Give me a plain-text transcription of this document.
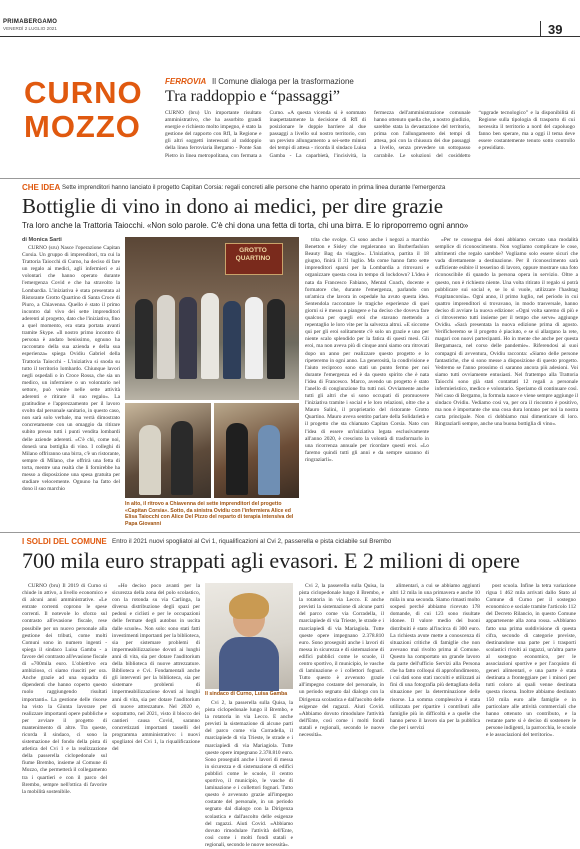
PRIMABERGAMO
VENERDÌ 2 LUGLIO 2021	39
CURNO
MOZZO
FERROVIA Il Comune dialoga per la trasformazione
Tra raddoppio e “passaggi”
CURNO (bru) Un importante risultato amministrativo, che ha assorbito grandi energie e richiesto molto impegno, è stato la gestione del rapporto con RfI, la Regione e gli altri soggetti interessati al raddoppio della linea ferroviaria Bergamo - Ponte San Pietro in linea metropolitana, con fermata a Curno. «A questa vicenda si è sommato inaspettatamente la decisione di RfI di posizionare le doppie barriere al due passaggi a livello sul nostro territorio, con un previsto allungamento a sei-sette minuti dei tempi di attesa - ricorda il sindaco Luisa Gamba - La caparbietà, l'incisività, la fermezza dell'amministrazione comunale hanno ottenuto quella che, a nostro giudizio, sarebbe stata la devastazione del territorio, prima con l'allungamento dei tempi di attesa, poi con la chiusura dei due passaggi a livello, senza prevedere un sottopasso carrabile. Le soluzioni del cosiddetto “upgrade tecnologico” e la disponibilità di Regione sulla tipologia di trasporto di cui necessita il territorio a nord del capoluogo fanno ben sperare, ma a oggi il tema deve essere costantemente tenuto sotto controllo e presidiato.
CHE IDEA Sette imprenditori hanno lanciato il progetto Capitan Corsia: regali concreti alle persone che hanno operato in prima linea durante l'emergenza
Bottiglie di vino in dono ai medici, per dire grazie
Tra loro anche la Trattoria Taiocchi. «Non solo parole. C'è chi dona una fetta di torta, chi una birra. E lo riproporremo ogni anno»
di Monica Sarti

CURNO (sru) Nasce l'operazione Capitan Corsia. Un gruppo di imprenditori, tra cui la Trattoria Taiocchi di Curno, ha deciso di fare un regalo ai medici, agli infermieri e ai volontari che hanno operato durante l'emergenza Covid e che ha stravolto la Lombardia. L'iniziativa è stata presentata al Ristorante Grotto Quartino di Santa Croce di Piuro, a Chiavenna. Quello è stato il primo incontro dal vivo dei sette imprenditori aderenti al progetto, dato che l'iniziativa, fino a quel momento, era stata portata avanti tramite Skype. «Il nostro primo incontro di persona è andato benissimo, ognuno ha raccontato della sua azienda e della sua esperienza» spiega Ovidiu Gabriel della Trattoria Taiocchi - L'iniziativa si snoda su tutto il territorio lombardo. Chiunque lavori negli ospedali o in Croce Rossa, che sia un medico, un infermiere o un volontario nel settore, può venire nelle sette attività aderenti e ritirare il suo regalo». La gratitudine e l'apprezzamento per il lavoro svolto dal personale sanitario, in questo caso, non sarà solo verbale, ma verrà dimostrato concretamente con un omaggio da ritirare subito presso tutti i punti vendita lombardi delle aziende aderenti. «C'è chi, come noi, donerà una bottiglia di vino. I colleghi di Milano offriranno una birra, c'è un ristorante, sempre di Milano, che offrirà una fetta di torta, mentre una realtà che li fornirebbe ha messo a disposizione una spesa gratuita per studiare velocemente. Ognuno ha fatto del dono il suo marchio

GROTTO QUARTINO
In alto, il ritrovo a Chiavenna dei sette imprenditori del progetto «Capitan Corsia». Sotto, da sinistra Ovidiu con l'infermiera Alice ed Elisa Taiocchi con Alice Del Pizzo del reparto di terapia intensiva del Papa Giovanni

trita che svolge. Ci sono anche i negozi a marchio Benetton e Sisley che regaleranno un Burberfashion Beauty Bag da viaggio». L'iniziativa, partita il 18 giugno, finirà il 31 luglio. Ma come hanno fatto sette imprenditori sparsi per la Lombardia a ritrovarsi e organizzare questa cosa in tempo di lockdown? L'idea è nata da Francesco Fabiano, Mental Coach, docente e formatore che, durante l'emergenza, parlando con un'amica che lavora in ospedale ha avuto questa idea. Sentendola raccontare le tragiche esperienze di quei giorni si è messo a piangere e ha deciso che doveva fare qualcosa per quegli eroi che stavano mettendo a repentaglio le loro vite per la salvezza altrui. «E siccome qui per gli eroi solitamente c'è solo un grazie e uno per niente scalo splendido per la fatica di questi mesi. Gli eroi, ma non aveva più di cinque anni siamo ora ritrovati dopo un anno per realizzare questo progetto e lo ripeteremo in ogni anno. La generosità, la condivisione e l'aiuto reciproco sono stati un punto fermo per noi durante l'emergenza ed è da questo spirito che è nata l'idea di Francesco. Marco, avendo un progetto è stato l'anello di congiunzione fra tutti noi. Ovviamente anche tutti gli altri che si sono occupati di promuovere l'iniziativa tramite i social e le loro relazioni, oltre che a Mauro Salini, il proprietario del ristorante Grotto Quartino. Mauro aveva sentito parlare della Solidarietà e il progetto che sta chiamato Capitan Corsia. Nato con l'idea di essere un'iniziativa legata esclusivamente all'anno 2020, è cresciuto la volontà di trasformarlo in una ricorrenza annuale per ricordare questi eroi. «Lo faremo quindi tutti gli anni e da sempre saranno di ringraziarli».

«Per te consegna dei doni abbiamo cercato una modalità semplice di riconoscimento. Non vogliamo complicare le cose, altrimenti che regalo sarebbe? Vogliamo solo essere sicuri che vada direttamente a destinazione. Per il riconoscimento sarà sufficiente esibire il tesserino di lavoro, oppure mostrare una foto riconoscibile di quando la persona opera in servizio. Oltre a questo, non è richiesto niente. Una volta ritirato il regalo si potrà pubblicare sui social e, se lo si vuole, utilizzare l'hashtag #capitancorsia». Ogni anno, il primo luglio, nel periodo in cui quattro imprenditori si trovavano, in modo trasversale, hanno deciso di avviare la nuova edizione: «Ogni volta saremo di più e ci ritroveremo tutti insieme per il tempo che serve» aggiunge Ovidiu. «Sarà presentata la nuova edizione prima di agosto. Verificheremo se il progetto è piaciuto, e se si allargano la rete, magari con nuovi partecipanti. Ho in mente che anche per questa Bergamasca, nel corso delle pandemie». Riferendosi ai suoi compagni di avventura, Ovidiu racconta: «Siamo delle persone fantastiche, che si sono messe a disposizione di questo progetto. Vedremo se l'anno prossimo ci saranno ancora più adesioni. Voi siamo tutti ovviamente entusiasti. Nel frattempo alla Trattoria Taiocchi sono già stati contattati 12 regali a personale infermieristico, medico e volontario. Speriamo di continuare così. Nel caso di Bergamo, la formula nasce e viene sempre aggiunge il sindaco Ovidiu. Vediamo così va, per ora il riscontro è positivo, ma non è importante che una cosa dura lontano per noi la nostra carta principale. Non ci dobbiamo mai dimenticare di loro. Ringraziarli sempre, anche una buona bottiglia di vino».

I SOLDI DEL COMUNE Entro il 2021 nuovi spogliatoi al Cvi 1, riqualificazioni al Cvi 2, passerella e pista ciclabile sul Brembo
700 mila euro strappati agli evasori. E 2 milioni di opere

CURNO (bru) Il 2019 di Curno si chiude in attivo, a livello economico e di alcuni anni amministrative. «Le entrate correnti coprono le spese correnti. Il notevole lo sforzo sul contrasto all'evasione fiscale, rese possibile per un nuovo personale alla gestione dei tributi, come molti Comuni sono in numero ingenti - spiega il sindaco Luisa Gamba - a favore del contrasto all'evasione fiscale di «700mila euro. L'obiettivo era ambizioso, ci siamo riusciti per ora. Anche grazie ad una squadra di dipendenti che hanno coperto questo ruolo raggiungendo risultati importanti». La gestione delle risorse ha visto la Giunta lavorare per realizzare importanti opere pubbliche e per avviare il progetto di mantenimento di altre. Tra queste, ricorda il sindaco, ci sono la sistemazione del fondo della pista di atletica del Cvi 1 e la realizzazione della passerella ciclopedonale sul fiume Brembo, insieme al Comune di Mozzo, che permetterà il collegamento tra i quartieri e con il parco del Brembo, sempre nell'ottica di favorire la mobilità sostenibile.

«Ho deciso poco avanti per la sicurezza della zona del polo scolastico, con la rotonda su via Carlinga, la diversa distribuzione degli spazi per pedoni e ciclisti e per le occupazioni delle fermate degli autobus in uscita dalle scuole». Non solo: sono stati fatti investimenti importanti per la biblioteca, sia per sistemare problemi di impermeabilizzazione dovuti ai lunghi anni di vita, sia per dotare l'auditorium della biblioteca di nuove attrezzature. Biblioteca e Cvi. Fondamentali anche gli interventi per la biblioteca, sia per sistemare problemi di impermeabilizzazione dovuti ai lunghi anni di vita, sia per dotare l'auditorium di nuove attrezzature. Nel 2020 e, soprattutto, nel 2021, visto il blocco dei cantieri causa Covid, saranno concretizzati importanti tasselli del programma amministrativo: i nuovi spogliatoi del Cvi 1, la riqualificazione del

Il sindaco di Curno, Luisa Gamba

Cvi 2, la passerella sulla Quisa, la pista ciclopedonale lungo il Brembo, e la rotatoria in via Lecco. E anche previsti la sistemazione di alcune parti del parco come via Corradella, il marciapiede di via Trieste, le strade e i marciapiedi di via Mariagiola. Tutte queste opere impegnano 2.378.810 euro. Sono proseguiti anche i lavori di messa in sicurezza e di sistemazione di edifici pubblici come le scuole, il centro sportivo, il municipio, le vasche di laminazione e i collettori fognari. Tutto questo è avvenuto grazie all'impegno costante del personale, in un periodo segnato dal dialogo con la Dirigenza scolastica e dall'ascolto delle esigenze del ragazzi. Aiuti Covid. «Abbiamo dovuto rimodulare l'attività dell'Ente, così come i molti fondi statali e regionali, secondo le nuove necessità».

Cvi 2, la passerella sulla Quisa, la pista ciclopedonale lungo il Brembo, e la rotatoria in via Lecco. E anche previsti la sistemazione di alcune parti del parco come via Corradella, il marciapiede di via Trieste, le strade e i marciapiedi di via Mariagiola. Tutte queste opere impegnano 2.378.810 euro. Sono proseguiti anche i lavori di messa in sicurezza e di sistemazione di edifici pubblici come le scuole, il centro sportivo, il municipio, le vasche di laminazione e i collettori fognari. Tutto questo è avvenuto grazie all'impegno costante del personale, in un periodo segnato dal dialogo con la Dirigenza scolastica e dall'ascolto delle esigenze del ragazzi. Aiuti Covid. «Abbiamo dovuto rimodulare l'attività dell'Ente, così come i molti fondi statali e regionali, secondo le nuove necessità».

alimentari, a cui se abbiamo aggiunti altri 12 mila in una primavera e anche 10 mila in una seconda. Siamo rimasti molto sospesi perché abbiamo ricevuto 178 domande, di cui 123 sono risultate idonee. Il valore medio dei buoni distribuiti è stato all'incirca di 300 euro. La richiesta avute mette a conoscenza di situazioni critiche di famiglie che non avevano mai rivolto prima al Comune. Questo ha comportato un grande lavoro da parte dell'ufficio Servizi alla Persona che ha fatto colloqui di approfondimento, i cui dati sono stati raccolti e utilizzati ai fini di una fotografia più dettagliata della situazione per la determinazione delle risorse. La somma complessiva è stata utilizzata per ripartire i contributi alle famiglie più in difficoltà e a quelle che hanno perso il lavoro sia per la pubblica che per i servizi

post scuola. Infine la tetra variazione rigua 1 462 mila arrivati dallo Stato al Comune di Curno per il sostegno economico e sociale tramite l'articolo 112 del Decreto Rilancio, in questo Comune appartenente alla zona rossa. «Abbiamo fatto una prima suddivisione di questa cifra, secondo di categorie previste, destinandone una parte per i trasporti scolastici rivolti ai ragazzi, un'altra parte al sostegno economico, per le associazioni sportive e per l'acquisto di generi alimentari, e una parte è stata destinata a fronteggiare per i minori per tutti coloro ai quali venne destinata questa risorsa. Inoltre abbiamo destinato 150 mila euro alle famiglie e in particolare alle attività commerciali che hanno ottenuto un contributo, e la restante parte si è deciso di sostenere le persone indigenti, la parrocchia, le scuole e le associazioni del territorio».
